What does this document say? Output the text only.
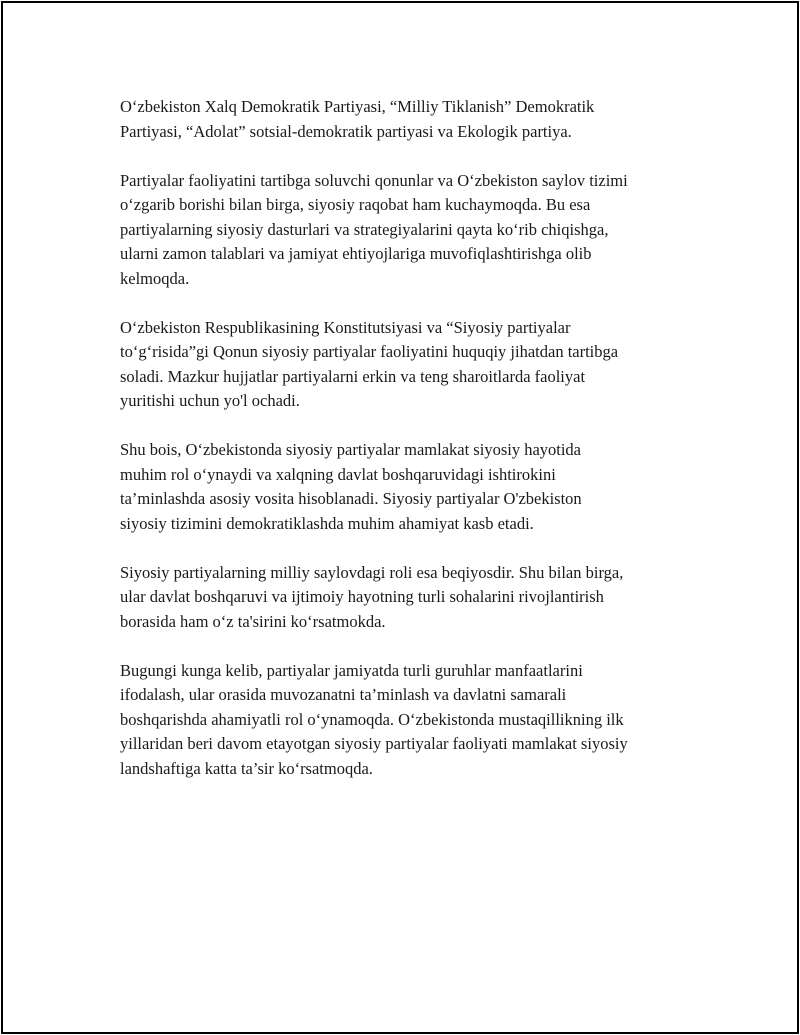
O‘zbekiston Xalq Demokratik Partiyasi, “Milliy Tiklanish” Demokratik
Partiyasi, “Adolat” sotsial-demokratik partiyasi va Ekologik partiya.

Partiyalar faoliyatini tartibga soluvchi qonunlar va O‘zbekiston saylov tizimi
o‘zgarib borishi bilan birga, siyosiy raqobat ham kuchaymoqda. Bu esa
partiyalarning siyosiy dasturlari va strategiyalarini qayta ko‘rib chiqishga,
ularni zamon talablari va jamiyat ehtiyojlariga muvofiqlashtirishga olib
kelmoqda.

O‘zbekiston Respublikasining Konstitutsiyasi va “Siyosiy partiyalar
to‘g‘risida”gi Qonun siyosiy partiyalar faoliyatini huquqiy jihatdan tartibga
soladi. Mazkur hujjatlar partiyalarni erkin va teng sharoitlarda faoliyat
yuritishi uchun yo'l ochadi.

Shu bois, O‘zbekistonda siyosiy partiyalar mamlakat siyosiy hayotida
muhim rol o‘ynaydi va xalqning davlat boshqaruvidagi ishtirokini
ta’minlashda asosiy vosita hisoblanadi. Siyosiy partiyalar O'zbekiston
siyosiy tizimini demokratiklashda muhim ahamiyat kasb etadi.

Siyosiy partiyalarning milliy saylovdagi roli esa beqiyosdir. Shu bilan birga,
ular davlat boshqaruvi va ijtimoiy hayotning turli sohalarini rivojlantirish
borasida ham o‘z ta'sirini ko‘rsatmokda.

Bugungi kunga kelib, partiyalar jamiyatda turli guruhlar manfaatlarini
ifodalash, ular orasida muvozanatni ta’minlash va davlatni samarali
boshqarishda ahamiyatli rol o‘ynamoqda. O‘zbekistonda mustaqillikning ilk
yillaridan beri davom etayotgan siyosiy partiyalar faoliyati mamlakat siyosiy
landshaftiga katta ta’sir ko‘rsatmoqda.
